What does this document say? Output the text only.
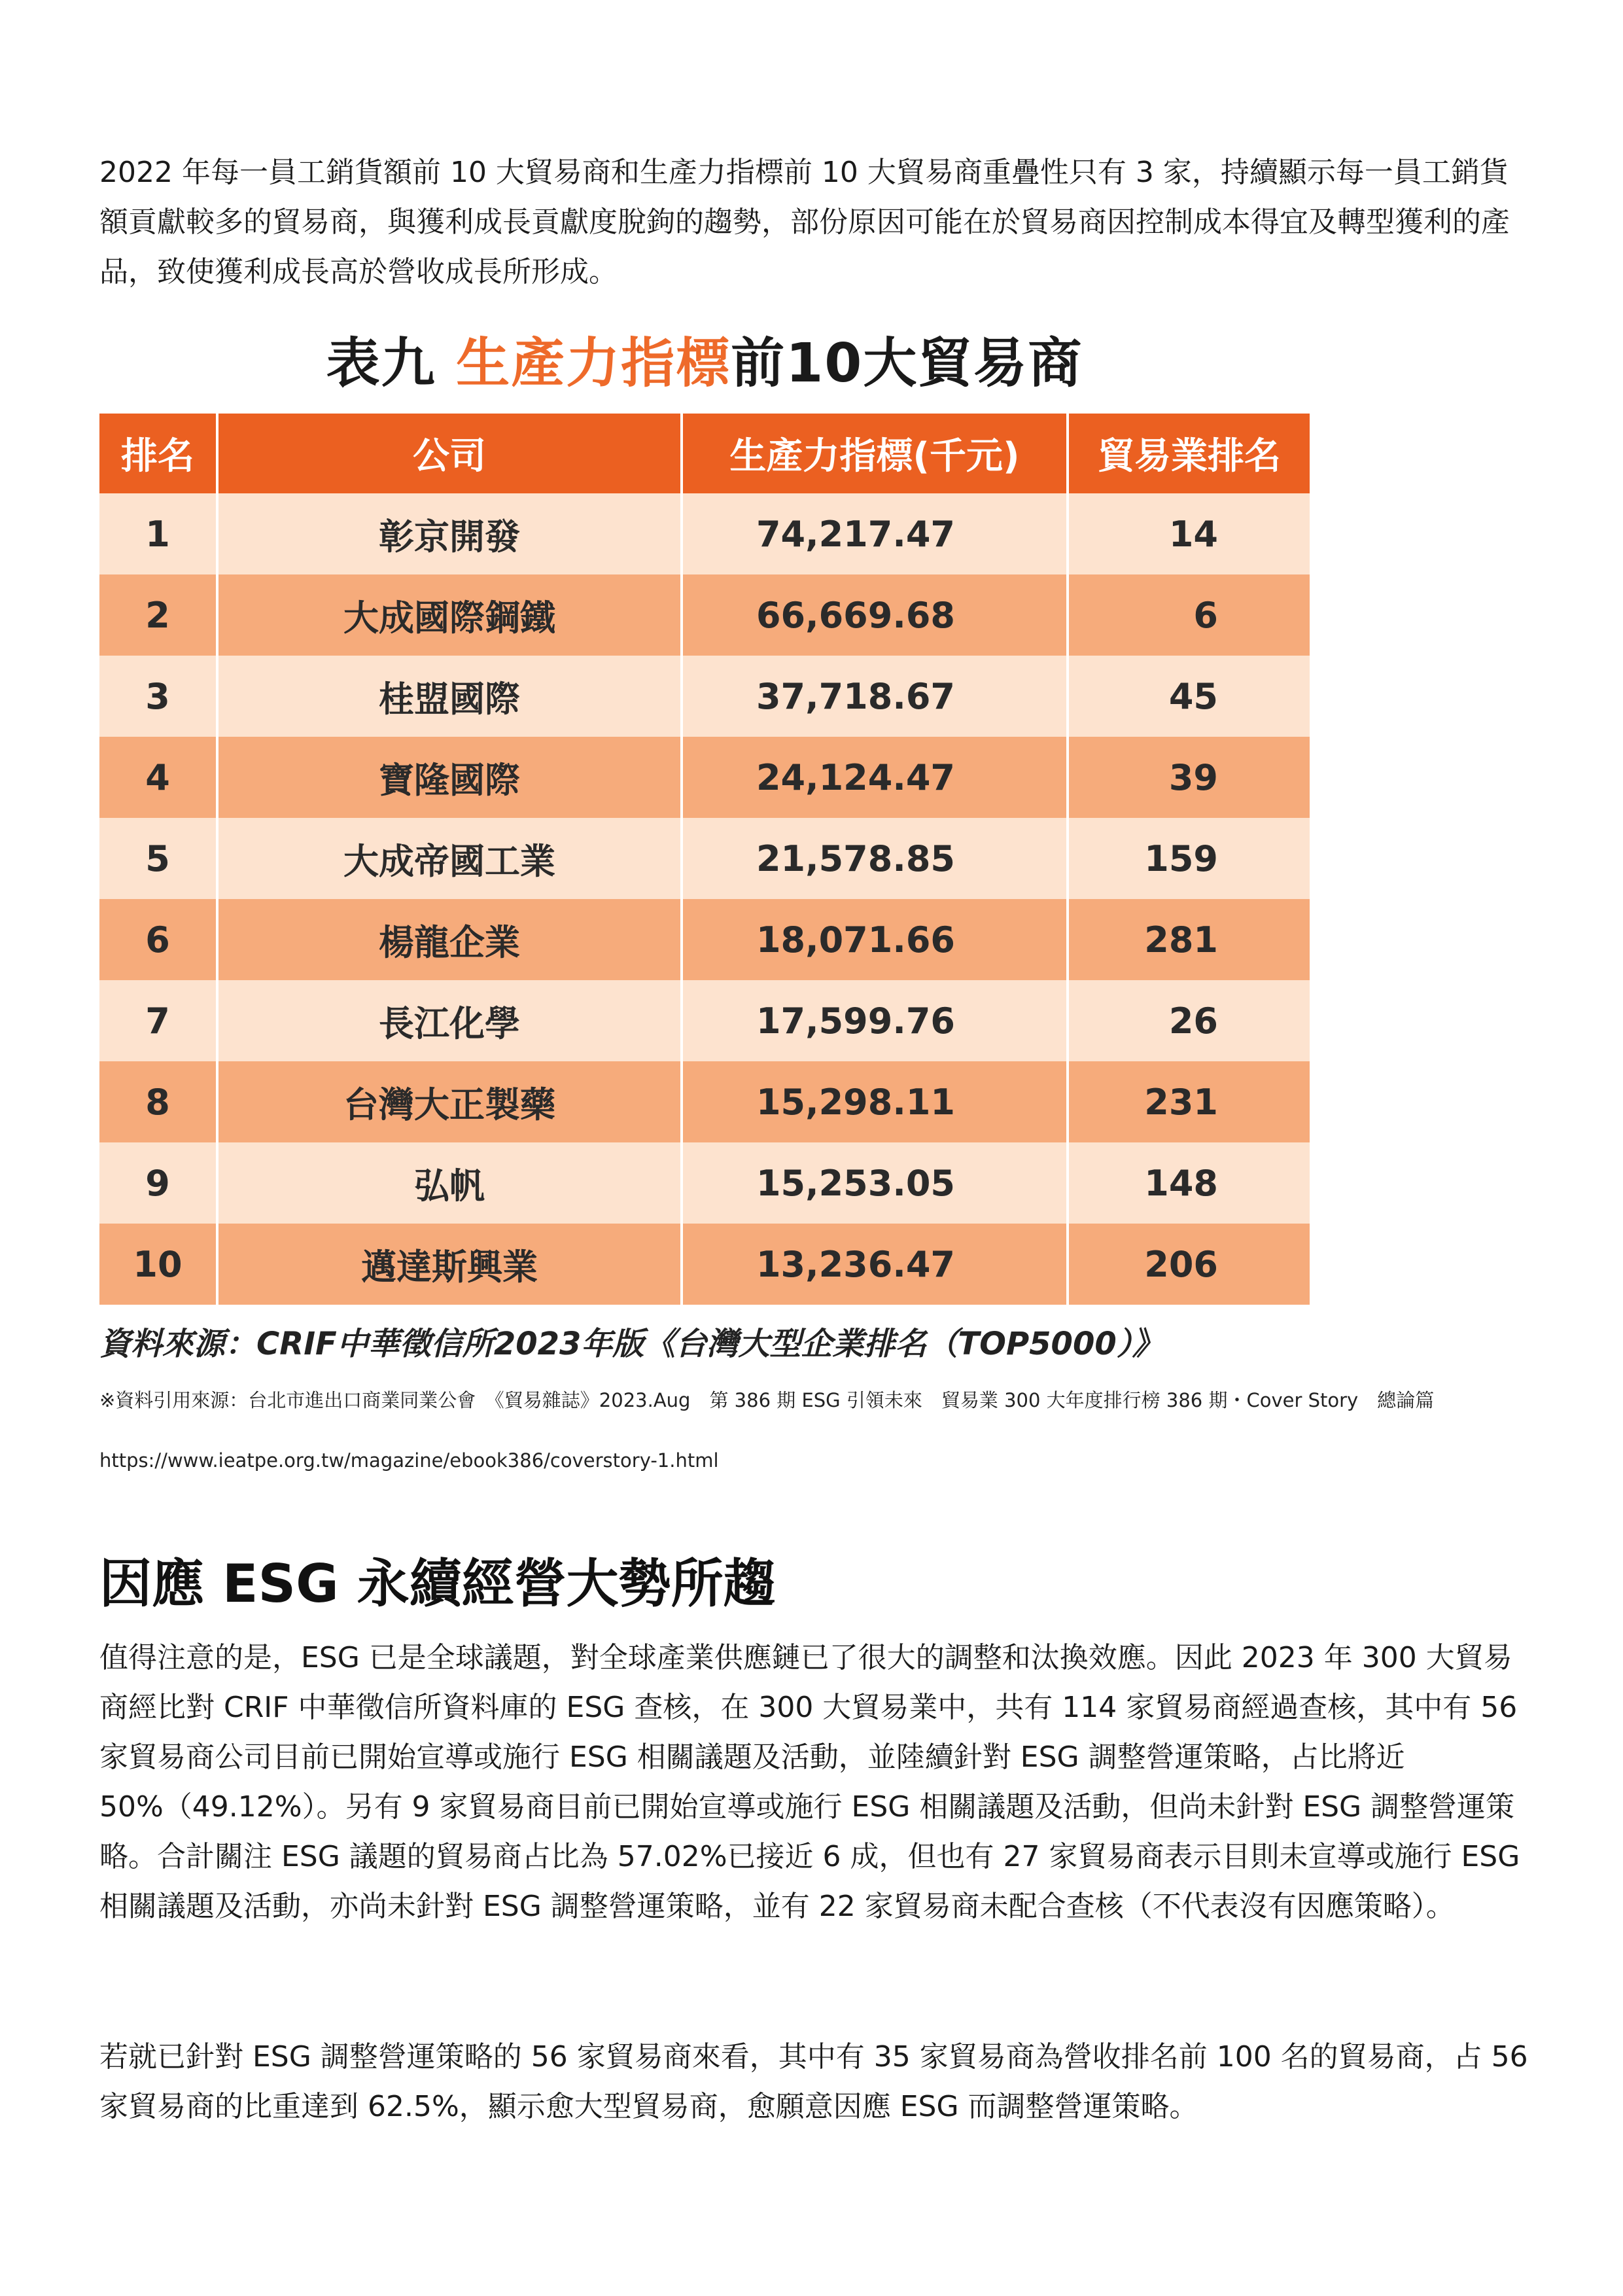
2022 年每一員工銷貨額前 10 大貿易商和生產力指標前 10 大貿易商重疊性只有 3 家，持續顯示每一員工銷貨額貢獻較多的貿易商，與獲利成長貢獻度脫鉤的趨勢，部份原因可能在於貿易商因控制成本得宜及轉型獲利的產品，致使獲利成長高於營收成長所形成。

表九 生產力指標前10大貿易商
排名	公司	生產力指標(千元)	貿易業排名
1	彰京開發	74,217.47	14
2	大成國際鋼鐵	66,669.68	6
3	桂盟國際	37,718.67	45
4	寶隆國際	24,124.47	39
5	大成帝國工業	21,578.85	159
6	楊龍企業	18,071.66	281
7	長江化學	17,599.76	26
8	台灣大正製藥	15,298.11	231
9	弘帆	15,253.05	148
10	邁達斯興業	13,236.47	206
資料來源：CRIF中華徵信所2023年版《台灣大型企業排名（TOP5000）》
※資料引用來源：台北市進出口商業同業公會　《貿易雜誌》2023.Aug　第 386 期 ESG 引領未來　貿易業 300 大年度排行榜 386 期・Cover Story　總論篇
https://www.ieatpe.org.tw/magazine/ebook386/coverstory-1.html
因應 ESG 永續經營大勢所趨

值得注意的是，ESG 已是全球議題，對全球產業供應鏈已了很大的調整和汰換效應。因此 2023 年 300 大貿易商經比對 CRIF 中華徵信所資料庫的 ESG 查核，在 300 大貿易業中，共有 114 家貿易商經過查核，其中有 56 家貿易商公司目前已開始宣導或施行 ESG 相關議題及活動，並陸續針對 ESG 調整營運策略，占比將近 50%（49.12%）。另有 9 家貿易商目前已開始宣導或施行 ESG 相關議題及活動，但尚未針對 ESG 調整營運策略。合計關注 ESG 議題的貿易商占比為 57.02%已接近 6 成，但也有 27 家貿易商表示目則未宣導或施行 ESG 相關議題及活動，亦尚未針對 ESG 調整營運策略，並有 22 家貿易商未配合查核（不代表沒有因應策略）。

若就已針對 ESG 調整營運策略的 56 家貿易商來看，其中有 35 家貿易商為營收排名前 100 名的貿易商，占 56 家貿易商的比重達到 62.5%，顯示愈大型貿易商，愈願意因應 ESG 而調整營運策略。
